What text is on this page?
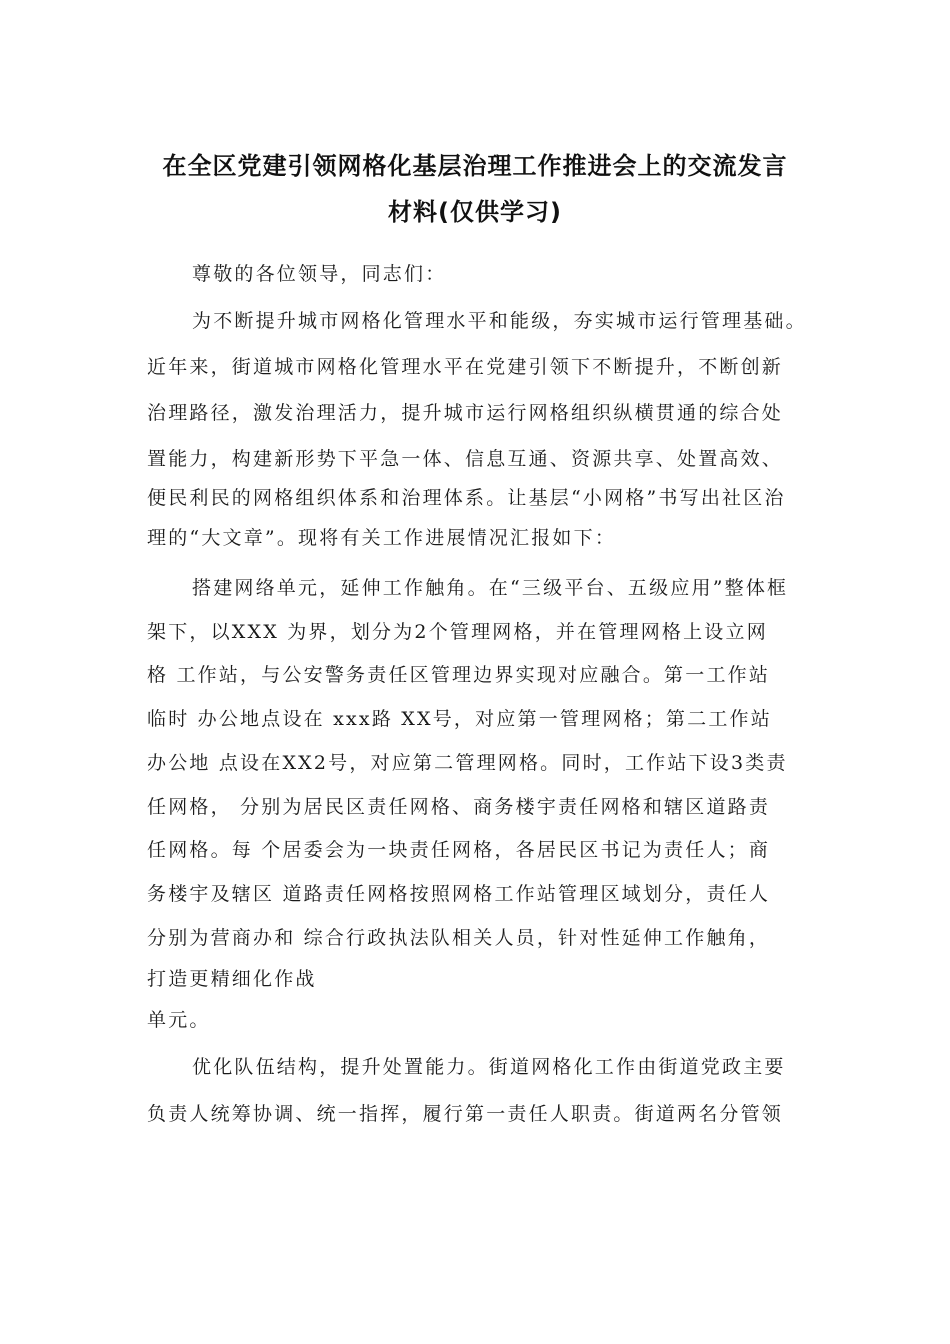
在全区党建引领网格化基层治理工作推进会上的交流发言
材料(仅供学习)
尊敬的各位领导，同志们：
为不断提升城市网格化管理水平和能级，夯实城市运行管理基础。
近年来，街道城市网格化管理水平在党建引领下不断提升，不断创新
治理路径，激发治理活力，提升城市运行网格组织纵横贯通的综合处
置能力，构建新形势下平急一体、信息互通、资源共享、处置高效、
便民利民的网格组织体系和治理体系。让基层“小网格”书写出社区治
理的“大文章”。现将有关工作进展情况汇报如下：
搭建网络单元，延伸工作触角。在“三级平台、五级应用”整体框
架下，以XXX 为界，划分为2个管理网格，并在管理网格上设立网
格 工作站，与公安警务责任区管理边界实现对应融合。第一工作站
临时 办公地点设在 xxx路 XX号，对应第一管理网格；第二工作站
办公地 点设在XX2号，对应第二管理网格。同时，工作站下设3类责
任网格， 分别为居民区责任网格、商务楼宇责任网格和辖区道路责
任网格。每 个居委会为一块责任网格，各居民区书记为责任人；商
务楼宇及辖区 道路责任网格按照网格工作站管理区域划分，责任人
分别为营商办和 综合行政执法队相关人员，针对性延伸工作触角，
打造更精细化作战
单元。
优化队伍结构，提升处置能力。街道网格化工作由街道党政主要
负责人统筹协调、统一指挥，履行第一责任人职责。街道两名分管领
